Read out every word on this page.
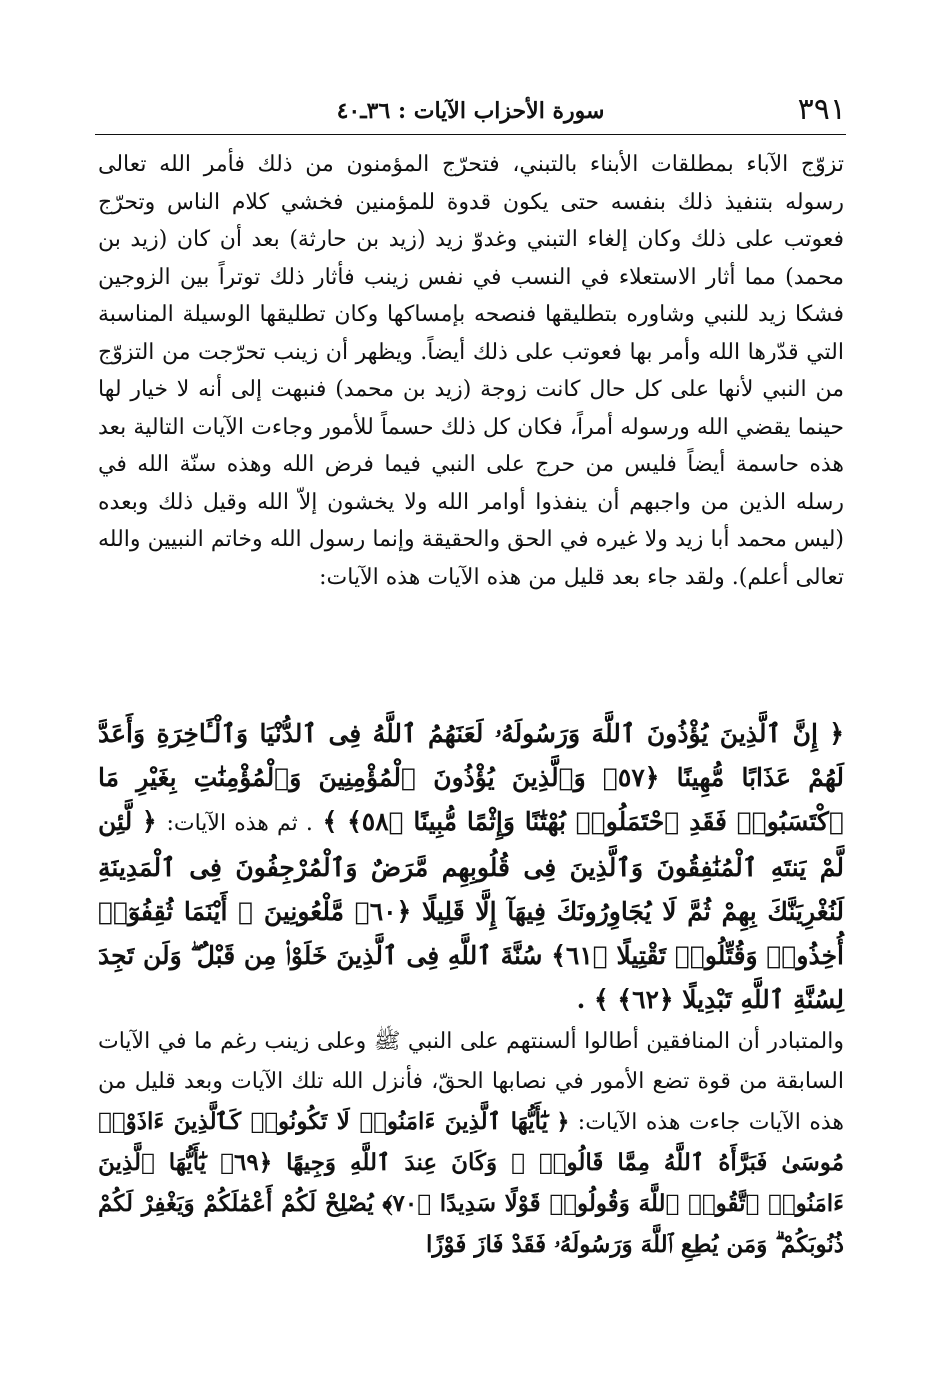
٣٩١
سورة الأحزاب الآيات : ٣٦ـ٤٠

تزوّج الآباء بمطلقات الأبناء بالتبني، فتحرّج المؤمنون من ذلك فأمر الله تعالى رسوله بتنفيذ ذلك بنفسه حتى يكون قدوة للمؤمنين فخشي كلام الناس وتحرّج فعوتب على ذلك وكان إلغاء التبني وغدوّ زيد (زيد بن حارثة) بعد أن كان (زيد بن محمد) مما أثار الاستعلاء في النسب في نفس زينب فأثار ذلك توتراً بين الزوجين فشكا زيد للنبي وشاوره بتطليقها فنصحه بإمساكها وكان تطليقها الوسيلة المناسبة التي قدّرها الله وأمر بها فعوتب على ذلك أيضاً. ويظهر أن زينب تحرّجت من التزوّج من النبي لأنها على كل حال كانت زوجة (زيد بن محمد) فنبهت إلى أنه لا خيار لها حينما يقضي الله ورسوله أمراً، فكان كل ذلك حسماً للأمور وجاءت الآيات التالية بعد هذه حاسمة أيضاً فليس من حرج على النبي فيما فرض الله وهذه سنّة الله في رسله الذين من واجبهم أن ينفذوا أوامر الله ولا يخشون إلاّ الله وقيل ذلك وبعده (ليس محمد أبا زيد ولا غيره في الحق والحقيقة وإنما رسول الله وخاتم النبيين والله تعالى أعلم). ولقد جاء بعد قليل من هذه الآيات هذه الآيات:

﴿ إِنَّ ٱلَّذِينَ يُؤْذُونَ ٱللَّهَ وَرَسُولَهُۥ لَعَنَهُمُ ٱللَّهُ فِى ٱلدُّنْيَا وَٱلْـَٔاخِرَةِ وَأَعَدَّ لَهُمْ عَذَابًا مُّهِينًا ﴿٥٧﴾ وَٱلَّذِينَ يُؤْذُونَ ٱلْمُؤْمِنِينَ وَٱلْمُؤْمِنَٰتِ بِغَيْرِ مَا ٱكْتَسَبُوا۟ فَقَدِ ٱحْتَمَلُوا۟ بُهْتَٰنًا وَإِثْمًا مُّبِينًا ﴿٥٨﴾ ﴾ . ثم هذه الآيات: ﴿ لَّئِن لَّمْ يَنتَهِ ٱلْمُنَٰفِقُونَ وَٱلَّذِينَ فِى قُلُوبِهِم مَّرَضٌ وَٱلْمُرْجِفُونَ فِى ٱلْمَدِينَةِ لَنُغْرِيَنَّكَ بِهِمْ ثُمَّ لَا يُجَاوِرُونَكَ فِيهَآ إِلَّا قَلِيلًا ﴿٦٠﴾ مَّلْعُونِينَ ۖ أَيْنَمَا ثُقِفُوٓا۟ أُخِذُوا۟ وَقُتِّلُوا۟ تَقْتِيلًا ﴿٦١﴾ سُنَّةَ ٱللَّهِ فِى ٱلَّذِينَ خَلَوْا۟ مِن قَبْلُ ۖ وَلَن تَجِدَ لِسُنَّةِ ٱللَّهِ تَبْدِيلًا ﴿٦٢﴾ ﴾ .
والمتبادر أن المنافقين أطالوا ألسنتهم على النبي ﷺ وعلى زينب رغم ما في الآيات السابقة من قوة تضع الأمور في نصابها الحقّ، فأنزل الله تلك الآيات وبعد قليل من هذه الآيات جاءت هذه الآيات: ﴿ يَٰٓأَيُّهَا ٱلَّذِينَ ءَامَنُوا۟ لَا تَكُونُوا۟ كَٱلَّذِينَ ءَاذَوْا۟ مُوسَىٰ فَبَرَّأَهُ ٱللَّهُ مِمَّا قَالُوا۟ ۚ وَكَانَ عِندَ ٱللَّهِ وَجِيهًا ﴿٦٩﴾ يَٰٓأَيُّهَا ٱلَّذِينَ ءَامَنُوا۟ ٱتَّقُوا۟ ٱللَّهَ وَقُولُوا۟ قَوْلًا سَدِيدًا ﴿٧٠﴾ يُصْلِحْ لَكُمْ أَعْمَٰلَكُمْ وَيَغْفِرْ لَكُمْ ذُنُوبَكُمْ ۗ وَمَن يُطِعِ ٱللَّهَ وَرَسُولَهُۥ فَقَدْ فَازَ فَوْزًا
